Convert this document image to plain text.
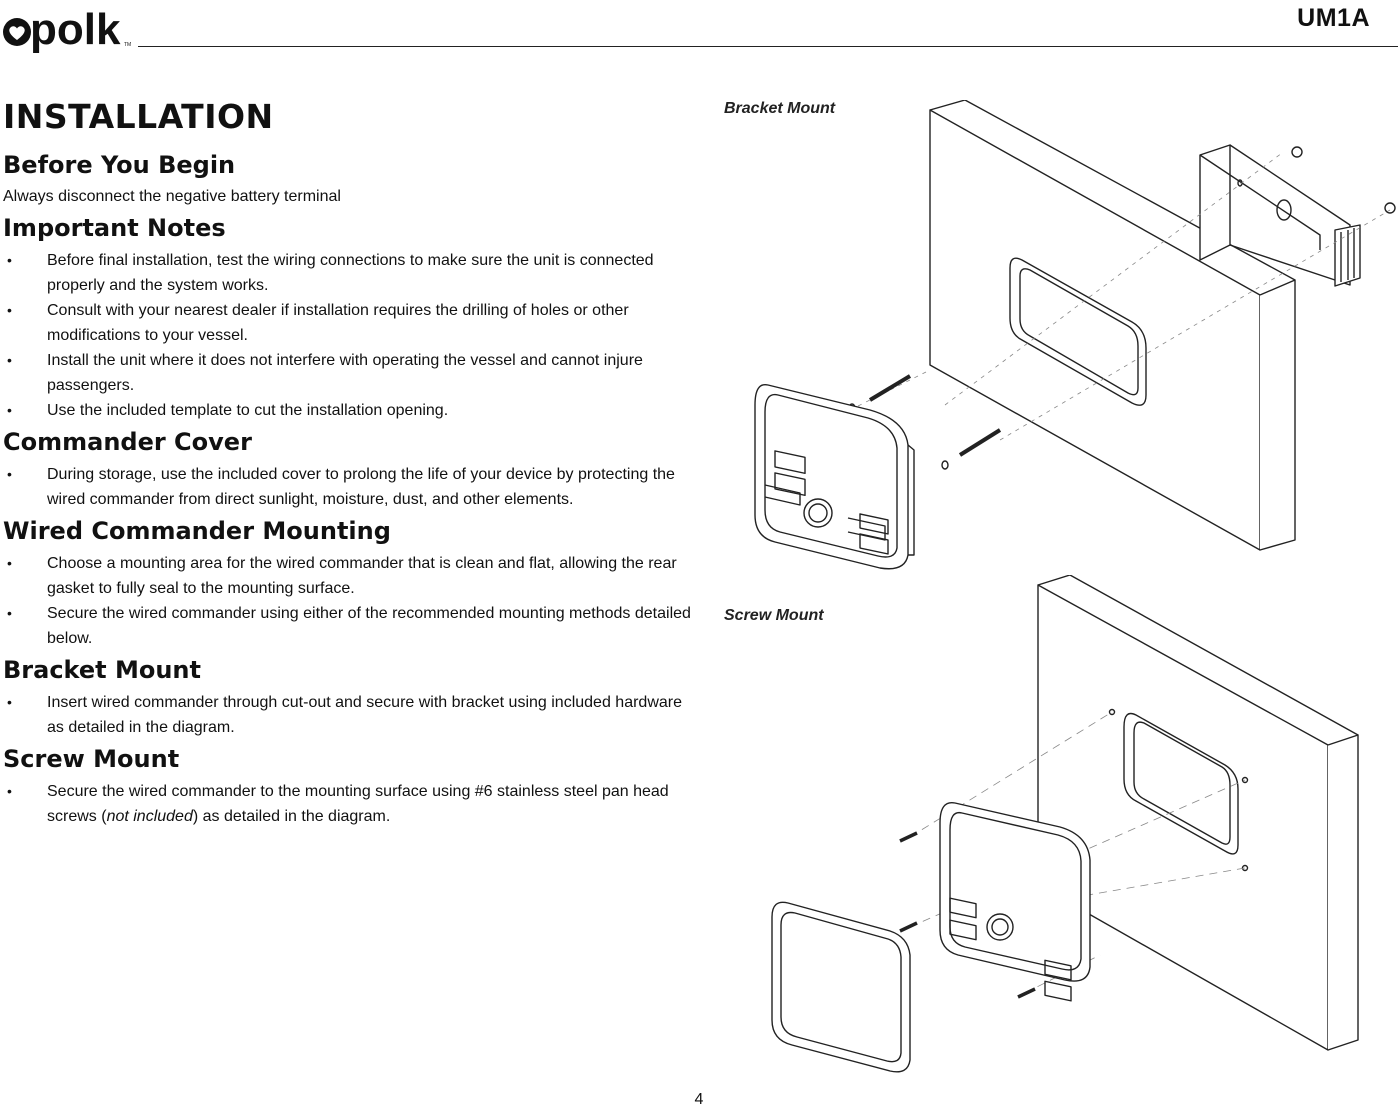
polk TM
UM1A
INSTALLATION
Before You Begin

Always disconnect the negative battery terminal

Important Notes
• Before final installation, test the wiring connections to make sure the unit is connected properly and the system works.
• Consult with your nearest dealer if installation requires the drilling of holes or other modifications to your vessel.
• Install the unit where it does not interfere with operating the vessel and cannot injure passengers.
• Use the included template to cut the installation opening.
Commander Cover
• During storage, use the included cover to prolong the life of your device by protecting the wired commander from direct sunlight, moisture, dust, and other elements.
Wired Commander Mounting
• Choose a mounting area for the wired commander that is clean and flat, allowing the rear gasket to fully seal to the mounting surface.
• Secure the wired commander using either of the recommended mounting methods detailed below.
Bracket Mount
• Insert wired commander through cut-out and secure with bracket using included hardware as detailed in the diagram.
Screw Mount
• Secure the wired commander to the mounting surface using #6 stainless steel pan head screws (not included) as detailed in the diagram.
Bracket Mount
Screw Mount
4
